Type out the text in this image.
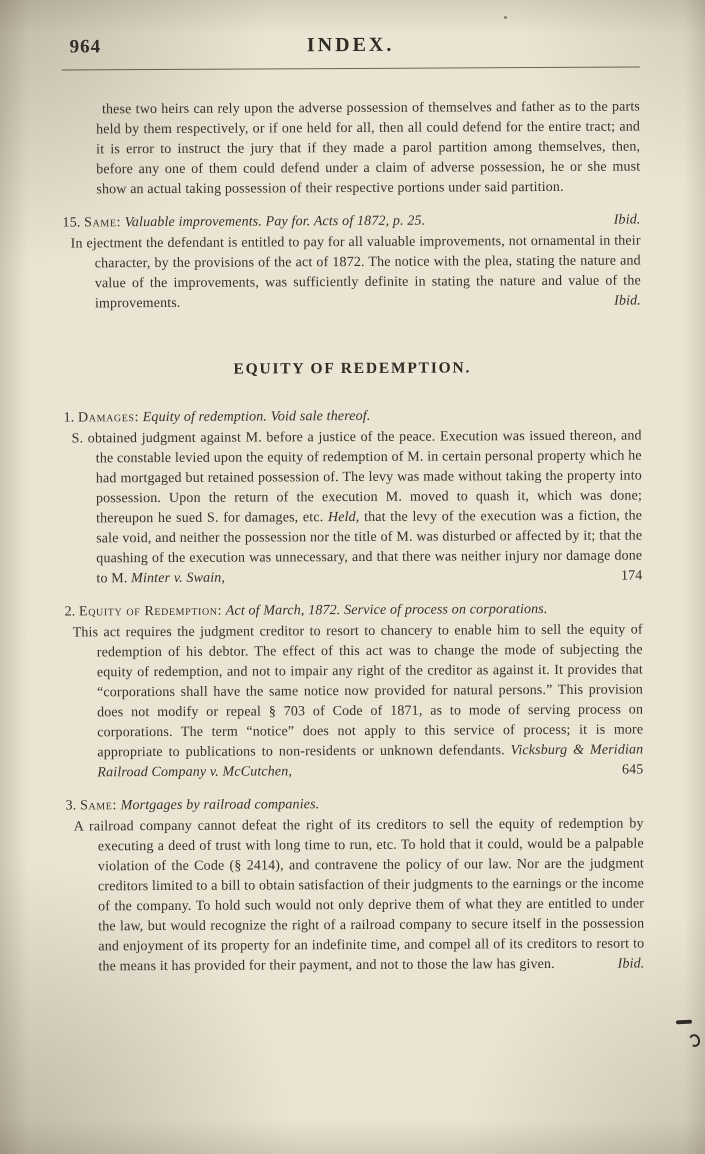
964	INDEX.

these two heirs can rely upon the adverse possession of themselves and father as to the parts held by them respectively, or if one held for all, then all could defend for the entire tract; and it is error to instruct the jury that if they made a parol partition among themselves, then, before any one of them could defend under a claim of adverse possession, he or she must show an actual taking possession of their respective portions under said partition.

Ibid.
15. Same: Valuable improvements. Pay for. Acts of 1872, p. 25.

In ejectment the defendant is entitled to pay for all valuable improvements, not ornamental in their character, by the provisions of the act of 1872. The notice with the plea, stating the nature and value of the improvements, was sufficiently definite in stating the nature and value of the improvements.	Ibid.

EQUITY OF REDEMPTION.

1. Damages: Equity of redemption. Void sale thereof.

S. obtained judgment against M. before a justice of the peace. Execution was issued thereon, and the constable levied upon the equity of redemption of M. in certain personal property which he had mortgaged but retained possession of. The levy was made without taking the property into possession. Upon the return of the execution M. moved to quash it, which was done; thereupon he sued S. for damages, etc. Held, that the levy of the execution was a fiction, the sale void, and neither the possession nor the title of M. was disturbed or affected by it; that the quashing of the execution was unnecessary, and that there was neither injury nor damage done to M. Minter v. Swain,	174

2. Equity of Redemption: Act of March, 1872. Service of process on corporations.

This act requires the judgment creditor to resort to chancery to enable him to sell the equity of redemption of his debtor. The effect of this act was to change the mode of subjecting the equity of redemption, and not to impair any right of the creditor as against it. It provides that “corporations shall have the same notice now provided for natural persons.” This provision does not modify or repeal § 703 of Code of 1871, as to mode of serving process on corporations. The term “notice” does not apply to this service of process; it is more appropriate to publications to non-residents or unknown defendants. Vicksburg & Meridian Railroad Company v. McCutchen,	645

3. Same: Mortgages by railroad companies.

A railroad company cannot defeat the right of its creditors to sell the equity of redemption by executing a deed of trust with long time to run, etc. To hold that it could, would be a palpable violation of the Code (§ 2414), and contravene the policy of our law. Nor are the judgment creditors limited to a bill to obtain satisfaction of their judgments to the earnings or the income of the company. To hold such would not only deprive them of what they are entitled to under the law, but would recognize the right of a railroad company to secure itself in the possession and enjoyment of its property for an indefinite time, and compel all of its creditors to resort to the means it has provided for their payment, and not to those the law has given.	Ibid.
